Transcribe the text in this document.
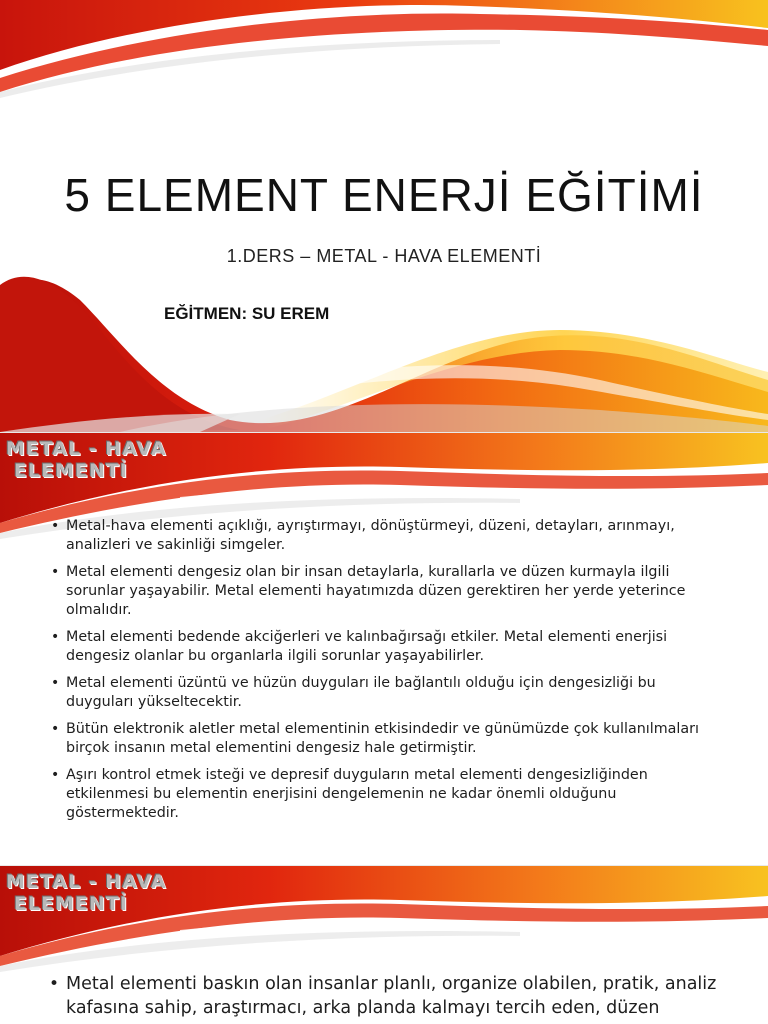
5 ELEMENT ENERJİ EĞİTİMİ
1.DERS – METAL - HAVA ELEMENTİ
EĞİTMEN: SU EREM
METAL - HAVA
ELEMENTİ
• Metal-hava elementi açıklığı, ayrıştırmayı, dönüştürmeyi, düzeni, detayları, arınmayı, analizleri ve sakinliği simgeler.
• Metal elementi dengesiz olan bir insan detaylarla, kurallarla ve düzen kurmayla ilgili sorunlar yaşayabilir. Metal elementi hayatımızda düzen gerektiren her yerde yeterince olmalıdır.
• Metal elementi bedende akciğerleri ve kalınbağırsağı etkiler. Metal elementi enerjisi dengesiz olanlar bu organlarla ilgili sorunlar yaşayabilirler.
• Metal elementi üzüntü ve hüzün duyguları ile bağlantılı olduğu için dengesizliği bu duyguları yükseltecektir.
• Bütün elektronik aletler metal elementinin etkisindedir ve günümüzde çok kullanılmaları birçok insanın metal elementini dengesiz hale getirmiştir.
• Aşırı kontrol etmek isteği ve depresif duyguların metal elementi dengesizliğinden etkilenmesi bu elementin enerjisini dengelemenin ne kadar önemli olduğunu göstermektedir.
METAL - HAVA
ELEMENTİ
• Metal elementi baskın olan insanlar planlı, organize olabilen, pratik, analiz kafasına sahip, araştırmacı, arka planda kalmayı tercih eden, düzen
